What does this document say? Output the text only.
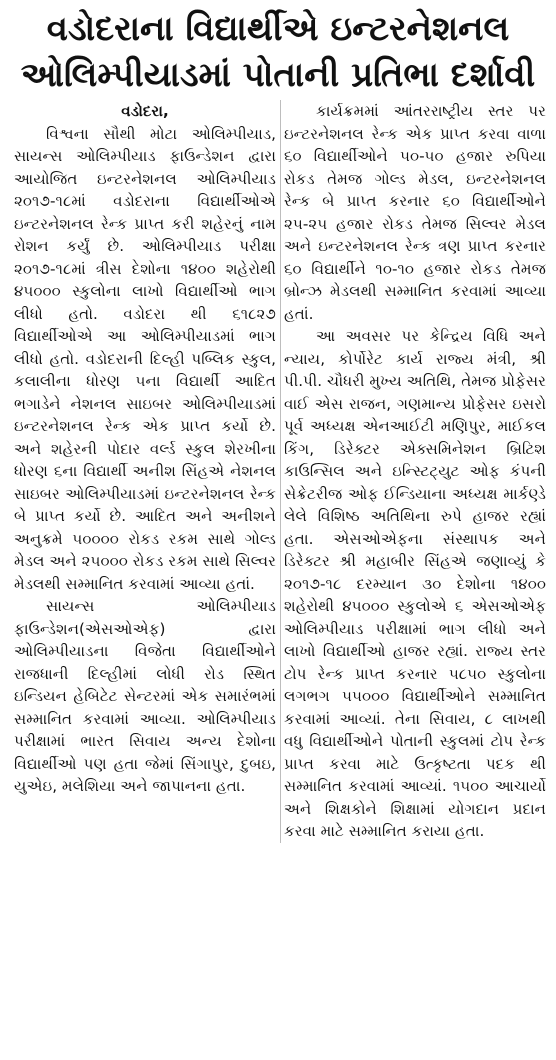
વડોદરાના વિદ્યાર્થીએ ઇન્ટરનેશનલ
ઓલિમ્પીયાડમાં પોતાની પ્રતિભા દર્શાવી
વડોદરા,

વિશ્વના સૌથી મોટા ઓલિમ્પીયાડ, સાયન્સ ઓલિમ્પીયાડ ફાઉન્ડેશન દ્વારા આયોજિત ઇન્ટરનેશનલ ઓલિમ્પીયાડ ૨૦૧૭-૧૮માં વડોદરાના વિદ્યાર્થીઓએ ઇન્ટરનેશનલ રેન્ક પ્રાપ્ત કરી શહેરનું નામ રોશન કર્યું છે. ઓલિમ્પીયાડ પરીક્ષા ૨૦૧૭-૧૮માં ત્રીસ દેશોના ૧૪૦૦ શહેરોથી ૪૫૦૦૦ સ્કુલોના લાખો વિદ્યાર્થીઓ ભાગ લીધો હતો. વડોદરા થી ૬૧૮૨૭ વિદ્યાર્થીઓએ આ ઓલિમ્પીયાડમાં ભાગ લીધો હતો. વડોદરાની દિલ્હી પબ્લિક સ્કુલ, કલાલીના ધોરણ ૫ના વિદ્યાર્થી આદિત ભગાડેને નેશનલ સાઇબર ઓલિમ્પીયાડમાં ઇન્ટરનેશનલ રેન્ક એક પ્રાપ્ત કર્યો છે. અને શહેરની પોદાર વર્લ્ડ સ્કુલ શેરખીના ધોરણ ૬ના વિદ્યાર્થી અનીશ સિંહએ નેશનલ સાઇબર ઓલિમ્પીયાડમાં ઇન્ટરનેશનલ રેન્ક બે પ્રાપ્ત કર્યો છે. આદિત અને અનીશને અનુક્રમે ૫૦૦૦૦ રોકડ રકમ સાથે ગોલ્ડ મેડલ અને ૨૫૦૦૦ રોકડ રકમ સાથે સિલ્વર મેડલથી સમ્માનિત કરવામાં આવ્યા હતાં.

સાયન્સ ઓલિમ્પીયાડ ફાઉન્ડેશન(એસઓએફ) દ્વારા ઓલિમ્પીયાડના વિજેતા વિદ્યાર્થીઓને રાજધાની દિલ્હીમાં લોધી રોડ સ્થિત ઇન્ડિયન હેબિટેટ સેન્ટરમાં એક સમારંભમાં સમ્માનિત કરવામાં આવ્યા. ઓલિમ્પીયાડ પરીક્ષામાં ભારત સિવાય અન્ય દેશોના વિદ્યાર્થીઓ પણ હતા જેમાં સિંગાપુર, દુબઇ, યુએઇ, મલેશિયા અને જાપાનના હતા.

કાર્યક્રમમાં આંતરરાષ્ટ્રીય સ્તર પર ઇન્ટરનેશનલ રેન્ક એક પ્રાપ્ત કરવા વાળા ૬૦ વિદ્યાર્થીઓને ૫૦-૫૦ હજાર રુપિયા રોકડ તેમજ ગોલ્ડ મેડલ, ઇન્ટરનેશનલ રેન્ક બે પ્રાપ્ત કરનાર ૬૦ વિદ્યાર્થીઓને ૨૫-૨૫ હજાર રોકડ તેમજ સિલ્વર મેડલ અને ઇન્ટરનેશનલ રેન્ક ત્રણ પ્રાપ્ત કરનાર ૬૦ વિદ્યાર્થીને ૧૦-૧૦ હજાર રોકડ તેમજ બ્રોન્ઝ મેડલથી સમ્માનિત કરવામાં આવ્યા હતાં.

આ અવસર પર કેન્દ્રિય વિધિ અને ન્યાય, કોર્પોરેટ કાર્ય રાજ્ય મંત્રી, શ્રી પી.પી. ચૌધરી મુખ્ય અતિથિ, તેમજ પ્રોફેસર વાઈ એસ રાજન, ગણમાન્ય પ્રોફેસર ઇસરો પૂર્વ અધ્યક્ષ એનઆઈટી મણિપુર, માઈકલ કિંગ, ડિરેક્ટર એક્સમિનેશન બ્રિટિશ કાઉન્સિલ અને ઇન્સ્ટિટ્યુટ ઓફ કંપની સેક્રેટરીજ ઓફ ઈન્ડિયાના અધ્યક્ષ માર્કણ્ડે લેલે વિશિષ્ઠ અતિથિના રુપે હાજર રહ્યાં હતા. એસઓએફના સંસ્થાપક અને ડિરેક્ટર શ્રી મહાબીર સિંહએ જણાવ્યું કે ૨૦૧૭-૧૮ દરમ્યાન ૩૦ દેશોના ૧૪૦૦ શહેરોથી ૪૫૦૦૦ સ્કુલોએ ૬ એસઓએફ ઓલિમ્પીયાડ પરીક્ષામાં ભાગ લીધો અને લાખો વિદ્યાર્થીઓ હાજર રહ્યાં. રાજ્ય સ્તર ટોપ રેન્ક પ્રાપ્ત કરનાર ૫૮૫૦ સ્કુલોના લગભગ ૫૫૦૦૦ વિદ્યાર્થીઓને સમ્માનિત કરવામાં આવ્યાં. તેના સિવાય, ૮ લાખથી વધુ વિદ્યાર્થીઓને પોતાની સ્કુલમાં ટોપ રેન્ક પ્રાપ્ત કરવા માટે ઉત્કૃષ્ટતા પદક થી સમ્માનિત કરવામાં આવ્યાં. ૧૫૦૦ આચાર્યો અને શિક્ષકોને શિક્ષામાં યોગદાન પ્રદાન કરવા માટે સમ્માનિત કરાયા હતા.
